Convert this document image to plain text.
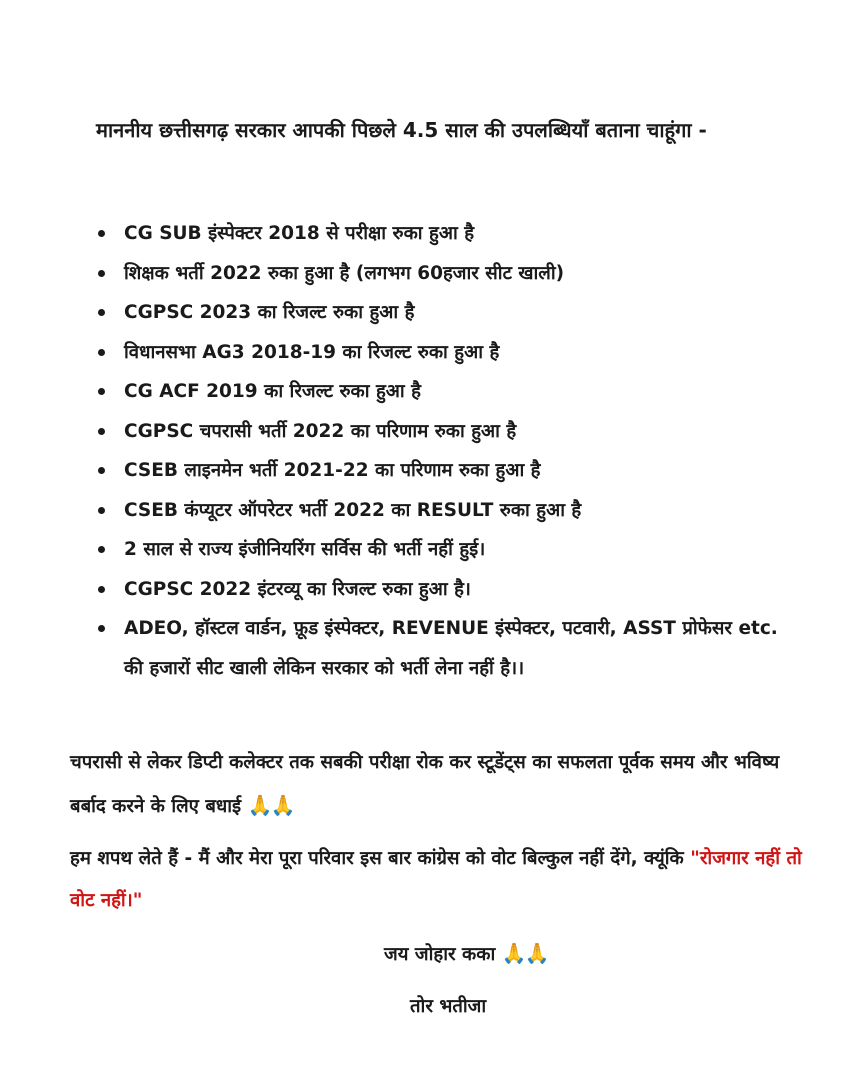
माननीय छत्तीसगढ़ सरकार आपकी पिछले 4.5 साल की उपलब्धियाँ बताना चाहूंगा -
CG SUB इंस्पेक्टर 2018 से परीक्षा रुका हुआ है
शिक्षक भर्ती 2022 रुका हुआ है (लगभग 60हजार सीट खाली)
CGPSC 2023 का रिजल्ट रुका हुआ है
विधानसभा AG3 2018-19 का रिजल्ट रुका हुआ है
CG ACF 2019 का रिजल्ट रुका हुआ है
CGPSC चपरासी भर्ती 2022 का परिणाम रुका हुआ है
CSEB लाइनमेन भर्ती 2021-22 का परिणाम रुका हुआ है
CSEB कंप्यूटर ऑपरेटर भर्ती 2022 का RESULT रुका हुआ है
2 साल से राज्य इंजीनियरिंग सर्विस की भर्ती नहीं हुई।
CGPSC 2022 इंटरव्यू का रिजल्ट रुका हुआ है।
ADEO, हॉस्टल वार्डन, फ़ूड इंस्पेक्टर, REVENUE इंस्पेक्टर, पटवारी, ASST प्रोफेसर etc. की हजारों सीट खाली लेकिन सरकार को भर्ती लेना नहीं है।।
चपरासी से लेकर डिप्टी कलेक्टर तक सबकी परीक्षा रोक कर स्टूडेंट्स का सफलता पूर्वक समय और भविष्य बर्बाद करने के लिए बधाई 🙏🙏
हम शपथ लेते हैं - मैं और मेरा पूरा परिवार इस बार कांग्रेस को वोट बिल्कुल नहीं देंगे, क्यूंकि "रोजगार नहीं तो वोट नहीं।"
जय जोहार कका 🙏🙏
तोर भतीजा
